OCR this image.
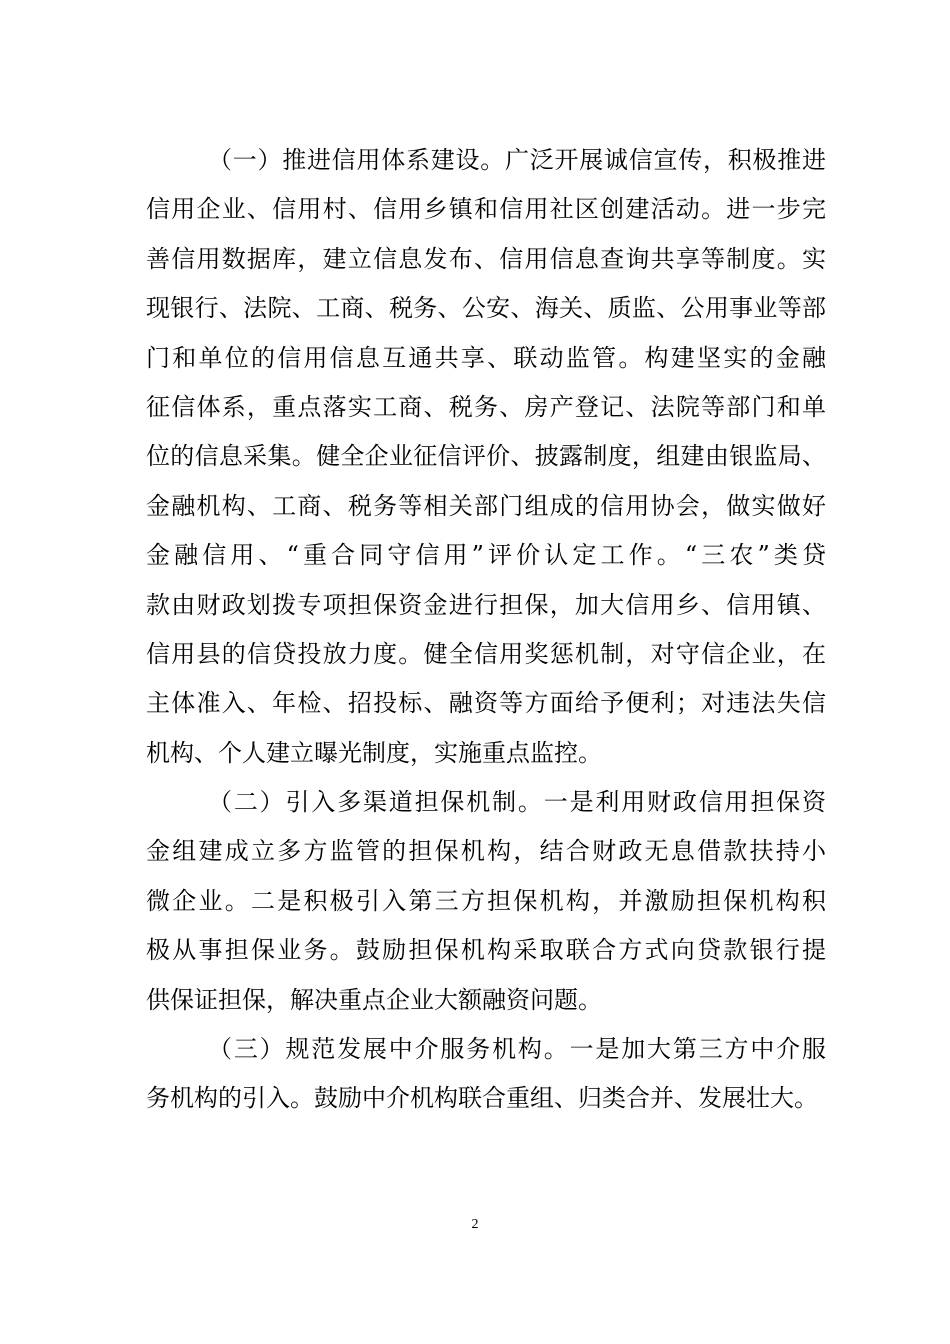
（一）推进信用体系建设。广泛开展诚信宣传，积极推进
信用企业、信用村、信用乡镇和信用社区创建活动。进一步完
善信用数据库，建立信息发布、信用信息查询共享等制度。实
现银行、法院、工商、税务、公安、海关、质监、公用事业等部
门和单位的信用信息互通共享、联动监管。构建坚实的金融
征信体系，重点落实工商、税务、房产登记、法院等部门和单
位的信息采集。健全企业征信评价、披露制度，组建由银监局、
金融机构、工商、税务等相关部门组成的信用协会，做实做好
金融信用、“重合同守信用”评价认定工作。“三农”类贷
款由财政划拨专项担保资金进行担保，加大信用乡、信用镇、
信用县的信贷投放力度。健全信用奖惩机制，对守信企业，在
主体准入、年检、招投标、融资等方面给予便利；对违法失信
机构、个人建立曝光制度，实施重点监控。
（二）引入多渠道担保机制。一是利用财政信用担保资
金组建成立多方监管的担保机构，结合财政无息借款扶持小
微企业。二是积极引入第三方担保机构，并激励担保机构积
极从事担保业务。鼓励担保机构采取联合方式向贷款银行提
供保证担保，解决重点企业大额融资问题。
（三）规范发展中介服务机构。一是加大第三方中介服
务机构的引入。鼓励中介机构联合重组、归类合并、发展壮大。
2
